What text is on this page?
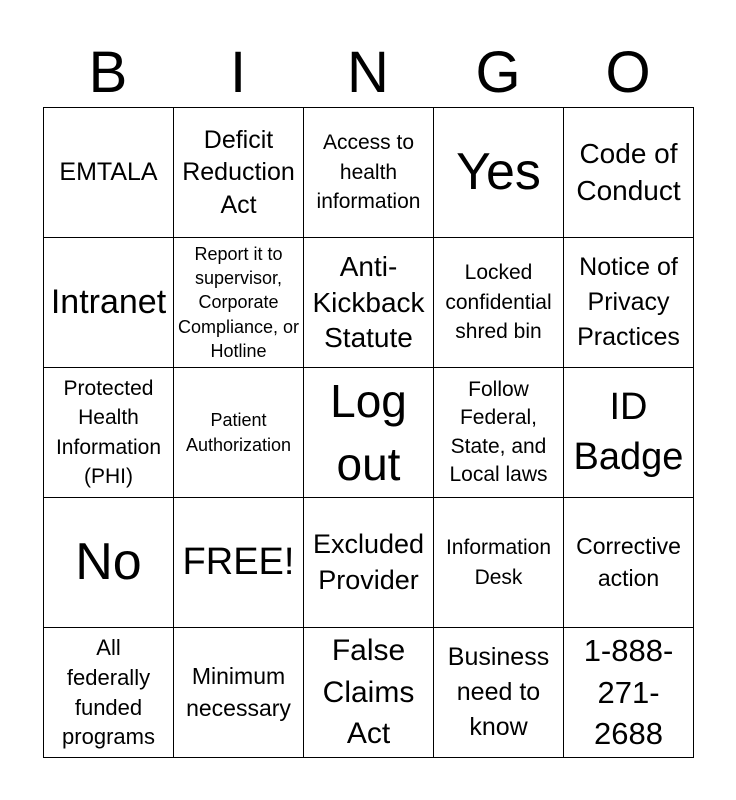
B	I	N	G	O
EMTALA
Deficit Reduction Act
Access to health information
Yes	Code of Conduct
Intranet
Report it to supervisor, Corporate Compliance, or Hotline
Anti-Kickback Statute
Locked confidential shred bin
Notice of Privacy Practices
Protected Health Information (PHI)
Patient Authorization
Log out
Follow Federal, State, and Local laws
ID Badge
No FREE! Excluded Provider
Information Desk
Corrective action
All federally funded programs
Minimum necessary
False Claims Act
Business need to know
1-888-271-2688
